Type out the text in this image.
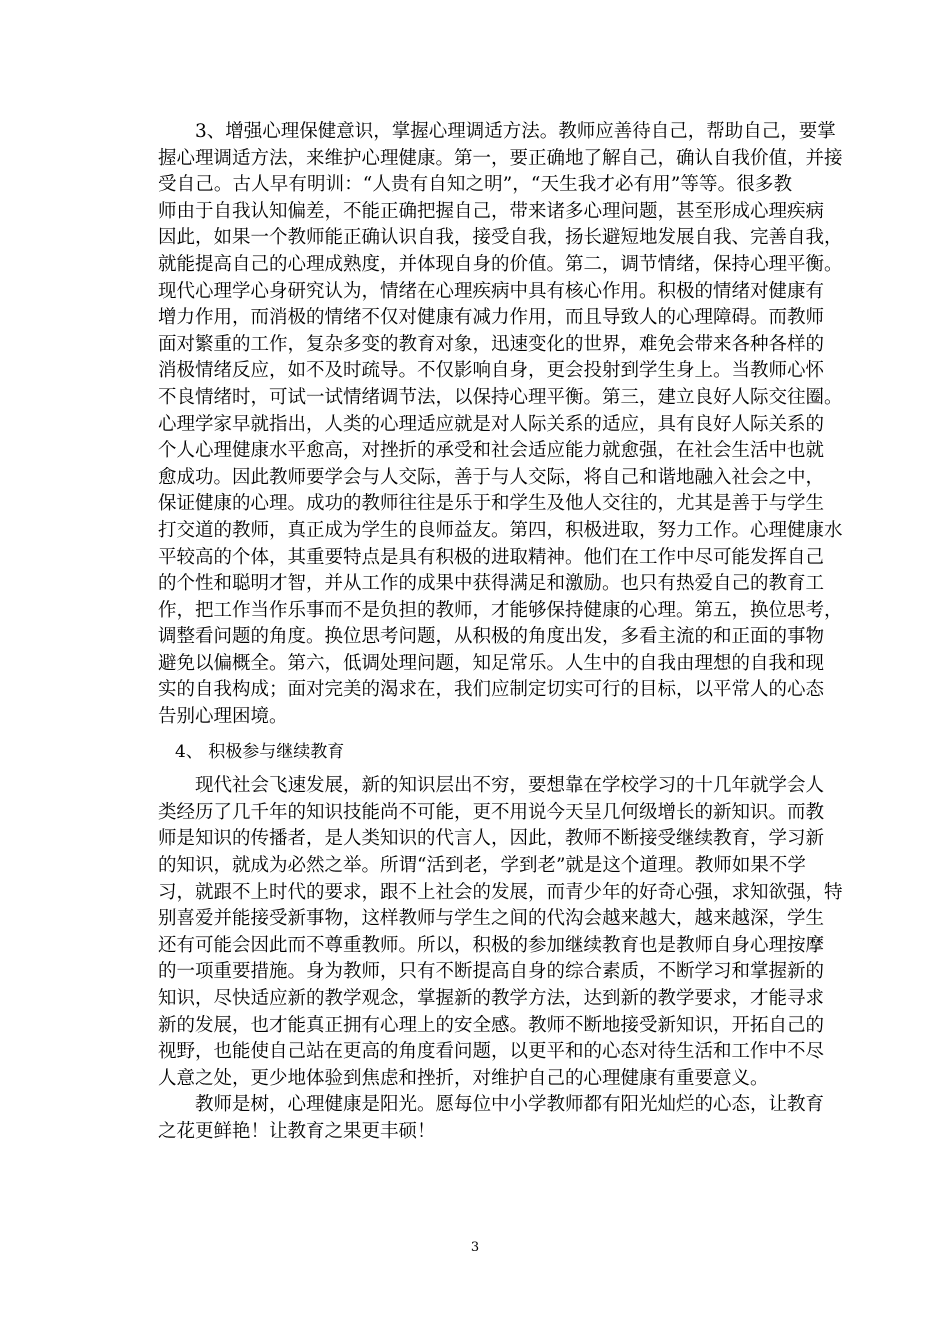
3、增强心理保健意识，掌握心理调适方法。教师应善待自己，帮助自己，要掌
握心理调适方法，来维护心理健康。第一，要正确地了解自己，确认自我价值，并接
受自己。古人早有明训：“人贵有自知之明”，“天生我才必有用”等等。很多教
师由于自我认知偏差，不能正确把握自己，带来诸多心理问题，甚至形成心理疾病
因此，如果一个教师能正确认识自我，接受自我，扬长避短地发展自我、完善自我，
就能提高自己的心理成熟度，并体现自身的价值。第二，调节情绪，保持心理平衡。
现代心理学心身研究认为，情绪在心理疾病中具有核心作用。积极的情绪对健康有
增力作用，而消极的情绪不仅对健康有减力作用，而且导致人的心理障碍。而教师
面对繁重的工作，复杂多变的教育对象，迅速变化的世界，难免会带来各种各样的
消极情绪反应，如不及时疏导。不仅影响自身，更会投射到学生身上。当教师心怀
不良情绪时，可试一试情绪调节法，以保持心理平衡。第三，建立良好人际交往圈。
心理学家早就指出，人类的心理适应就是对人际关系的适应，具有良好人际关系的
个人心理健康水平愈高，对挫折的承受和社会适应能力就愈强，在社会生活中也就
愈成功。因此教师要学会与人交际，善于与人交际，将自己和谐地融入社会之中，
保证健康的心理。成功的教师往往是乐于和学生及他人交往的，尤其是善于与学生
打交道的教师，真正成为学生的良师益友。第四，积极进取，努力工作。心理健康水
平较高的个体，其重要特点是具有积极的进取精神。他们在工作中尽可能发挥自己
的个性和聪明才智，并从工作的成果中获得满足和激励。也只有热爱自己的教育工
作，把工作当作乐事而不是负担的教师，才能够保持健康的心理。第五，换位思考，
调整看问题的角度。换位思考问题，从积极的角度出发，多看主流的和正面的事物
避免以偏概全。第六，低调处理问题，知足常乐。人生中的自我由理想的自我和现
实的自我构成；面对完美的渴求在，我们应制定切实可行的目标，以平常人的心态
告别心理困境。
4、 积极参与继续教育
现代社会飞速发展，新的知识层出不穷，要想靠在学校学习的十几年就学会人
类经历了几千年的知识技能尚不可能，更不用说今天呈几何级增长的新知识。而教
师是知识的传播者，是人类知识的代言人，因此，教师不断接受继续教育，学习新
的知识，就成为必然之举。所谓“活到老，学到老”就是这个道理。教师如果不学
习，就跟不上时代的要求，跟不上社会的发展，而青少年的好奇心强，求知欲强，特
别喜爱并能接受新事物，这样教师与学生之间的代沟会越来越大，越来越深，学生
还有可能会因此而不尊重教师。所以，积极的参加继续教育也是教师自身心理按摩
的一项重要措施。身为教师，只有不断提高自身的综合素质，不断学习和掌握新的
知识，尽快适应新的教学观念，掌握新的教学方法，达到新的教学要求，才能寻求
新的发展，也才能真正拥有心理上的安全感。教师不断地接受新知识，开拓自己的
视野，也能使自己站在更高的角度看问题，以更平和的心态对待生活和工作中不尽
人意之处，更少地体验到焦虑和挫折，对维护自己的心理健康有重要意义。
教师是树，心理健康是阳光。愿每位中小学教师都有阳光灿烂的心态，让教育
之花更鲜艳！让教育之果更丰硕！
3
